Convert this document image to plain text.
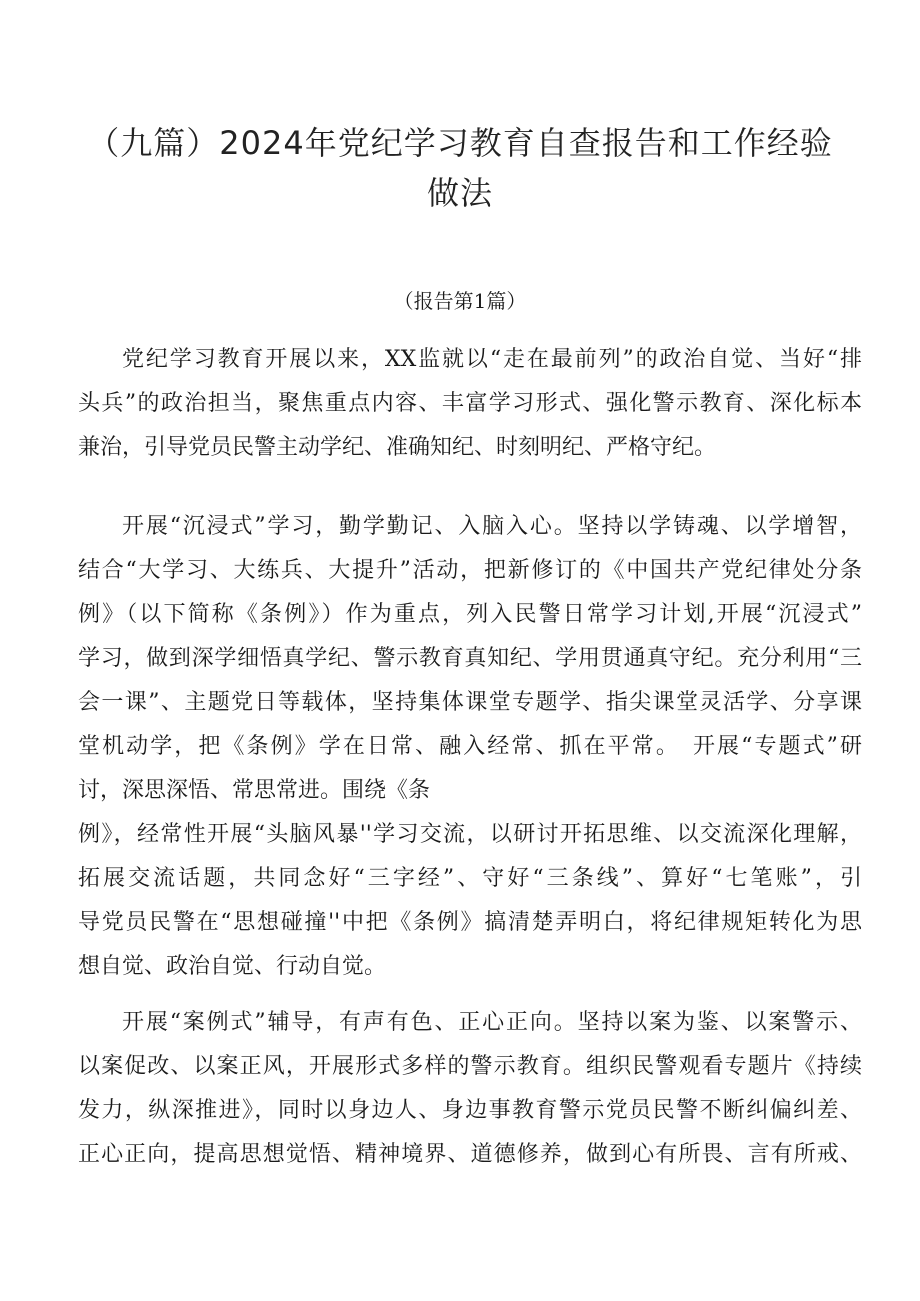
（九篇）2024年党纪学习教育自查报告和工作经验
做法
（报告第1篇）
党纪学习教育开展以来，XX监就以“走在最前列”的政治自觉、当好“排
头兵”的政治担当，聚焦重点内容、丰富学习形式、强化警示教育、深化标本
兼治，引导党员民警主动学纪、准确知纪、时刻明纪、严格守纪。
开展“沉浸式”学习，勤学勤记、入脑入心。坚持以学铸魂、以学增智，
结合“大学习、大练兵、大提升”活动，把新修订的《中国共产党纪律处分条
例》（以下简称《条例》）作为重点，列入民警日常学习计划,开展“沉浸式”
学习，做到深学细悟真学纪、警示教育真知纪、学用贯通真守纪。充分利用“三
会一课”、主题党日等载体，坚持集体课堂专题学、指尖课堂灵活学、分享课
堂机动学，把《条例》学在日常、融入经常、抓在平常。　开展“专题式”研
讨，深思深悟、常思常进。围绕《条
例》，经常性开展“头脑风暴''学习交流，以研讨开拓思维、以交流深化理解，
拓展交流话题，共同念好“三字经”、守好“三条线”、算好“七笔账”，引
导党员民警在“思想碰撞''中把《条例》搞清楚弄明白，将纪律规矩转化为思
想自觉、政治自觉、行动自觉。
开展“案例式”辅导，有声有色、正心正向。坚持以案为鉴、以案警示、
以案促改、以案正风，开展形式多样的警示教育。组织民警观看专题片《持续
发力，纵深推进》，同时以身边人、身边事教育警示党员民警不断纠偏纠差、
正心正向，提高思想觉悟、精神境界、道德修养，做到心有所畏、言有所戒、
